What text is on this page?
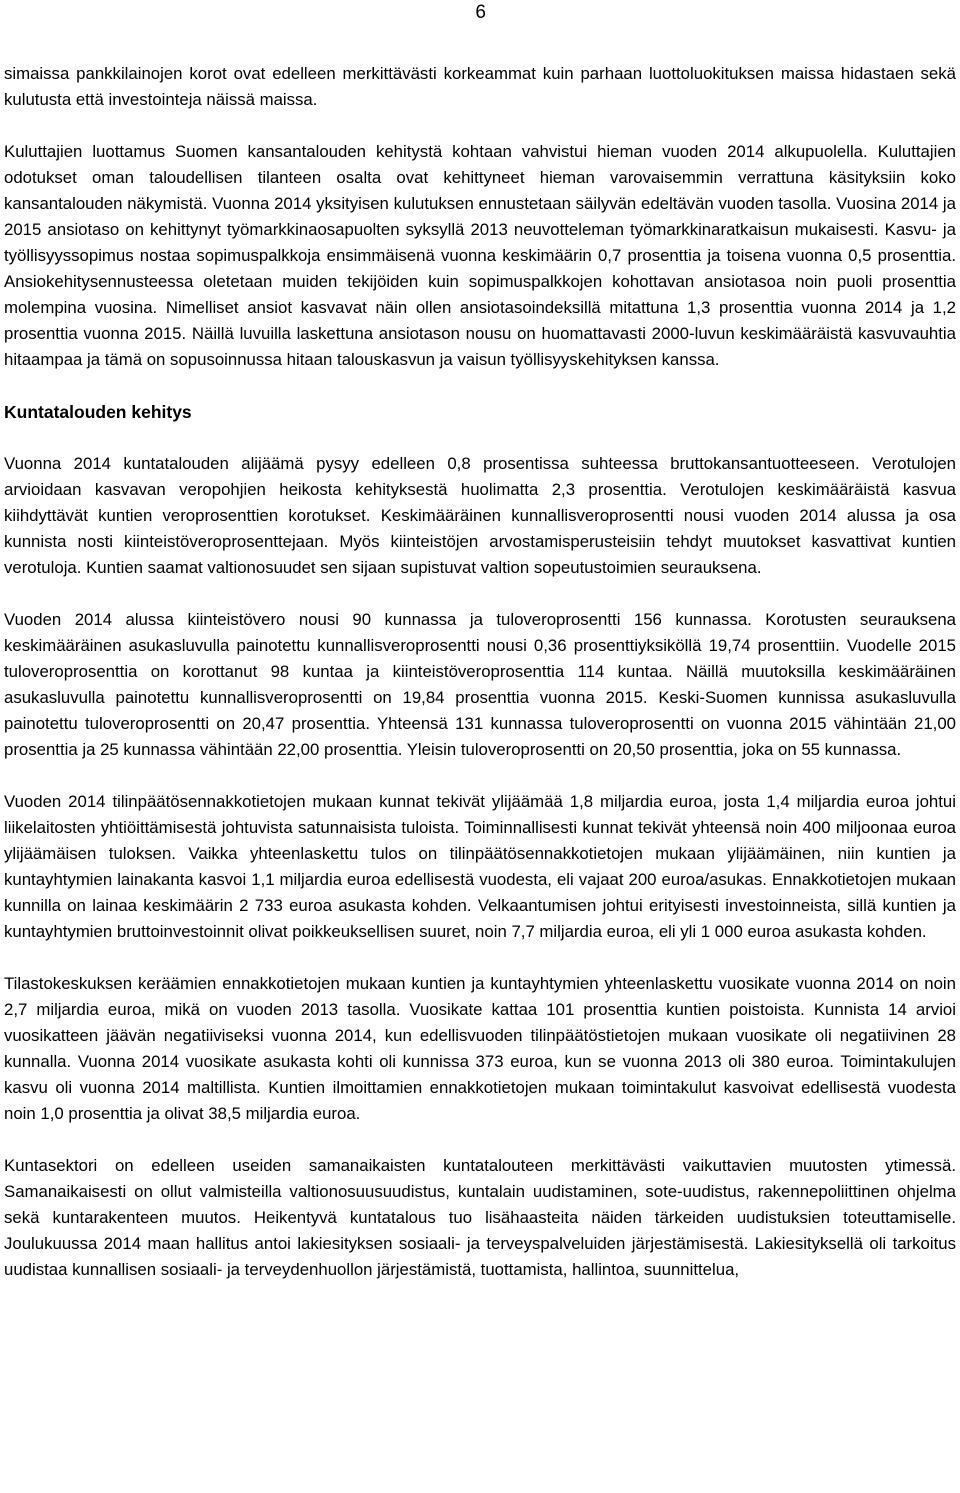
6

simaissa pankkilainojen korot ovat edelleen merkittävästi korkeammat kuin parhaan luottoluokituksen maissa hidastaen sekä kulutusta että investointeja näissä maissa.

Kuluttajien luottamus Suomen kansantalouden kehitystä kohtaan vahvistui hieman vuoden 2014 alkupuolella. Kuluttajien odotukset oman taloudellisen tilanteen osalta ovat kehittyneet hieman varovaisemmin verrattuna käsityksiin koko kansantalouden näkymistä. Vuonna 2014 yksityisen kulutuksen ennustetaan säilyvän edeltävän vuoden tasolla. Vuosina 2014 ja 2015 ansiotaso on kehittynyt työmarkkinaosapuolten syksyllä 2013 neuvotteleman työmarkkinaratkaisun mukaisesti. Kasvu- ja työllisyyssopimus nostaa sopimuspalkkoja ensimmäisenä vuonna keskimäärin 0,7 prosenttia ja toisena vuonna 0,5 prosenttia. Ansiokehitysennusteessa oletetaan muiden tekijöiden kuin sopimuspalkkojen kohottavan ansiotasoa noin puoli prosenttia molempina vuosina. Nimelliset ansiot kasvavat näin ollen ansiotasoindeksillä mitattuna 1,3 prosenttia vuonna 2014 ja 1,2 prosenttia vuonna 2015. Näillä luvuilla laskettuna ansiotason nousu on huomattavasti 2000-luvun keskimääräistä kasvuvauhtia hitaampaa ja tämä on sopusoinnussa hitaan talouskasvun ja vaisun työllisyyskehityksen kanssa.

Kuntatalouden kehitys

Vuonna 2014 kuntatalouden alijäämä pysyy edelleen 0,8 prosentissa suhteessa bruttokansantuotteeseen. Verotulojen arvioidaan kasvavan veropohjien heikosta kehityksestä huolimatta 2,3 prosenttia. Verotulojen keskimääräistä kasvua kiihdyttävät kuntien veroprosenttien korotukset. Keskimääräinen kunnallisveroprosentti nousi vuoden 2014 alussa ja osa kunnista nosti kiinteistöveroprosenttejaan. Myös kiinteistöjen arvostamisperusteisiin tehdyt muutokset kasvattivat kuntien verotuloja. Kuntien saamat valtionosuudet sen sijaan supistuvat valtion sopeutustoimien seurauksena.

Vuoden 2014 alussa kiinteistövero nousi 90 kunnassa ja tuloveroprosentti 156 kunnassa. Korotusten seurauksena keskimääräinen asukasluvulla painotettu kunnallisveroprosentti nousi 0,36 prosenttiyksiköllä 19,74 prosenttiin. Vuodelle 2015 tuloveroprosenttia on korottanut 98 kuntaa ja kiinteistöveroprosenttia 114 kuntaa. Näillä muutoksilla keskimääräinen asukasluvulla painotettu kunnallisveroprosentti on 19,84 prosenttia vuonna 2015. Keski-Suomen kunnissa asukasluvulla painotettu tuloveroprosentti on 20,47 prosenttia. Yhteensä 131 kunnassa tuloveroprosentti on vuonna 2015 vähintään 21,00 prosenttia ja 25 kunnassa vähintään 22,00 prosenttia. Yleisin tuloveroprosentti on 20,50 prosenttia, joka on 55 kunnassa.

Vuoden 2014 tilinpäätösennakkotietojen mukaan kunnat tekivät ylijäämää 1,8 miljardia euroa, josta 1,4 miljardia euroa johtui liikelaitosten yhtiöittämisestä johtuvista satunnaisista tuloista. Toiminnallisesti kunnat tekivät yhteensä noin 400 miljoonaa euroa ylijäämäisen tuloksen. Vaikka yhteenlaskettu tulos on tilinpäätösennakkotietojen mukaan ylijäämäinen, niin kuntien ja kuntayhtymien lainakanta kasvoi 1,1 miljardia euroa edellisestä vuodesta, eli vajaat 200 euroa/asukas. Ennakkotietojen mukaan kunnilla on lainaa keskimäärin 2 733 euroa asukasta kohden. Velkaantumisen johtui erityisesti investoinneista, sillä kuntien ja kuntayhtymien bruttoinvestoinnit olivat poikkeuksellisen suuret, noin 7,7 miljardia euroa, eli yli 1 000 euroa asukasta kohden.

Tilastokeskuksen keräämien ennakkotietojen mukaan kuntien ja kuntayhtymien yhteenlaskettu vuosikate vuonna 2014 on noin 2,7 miljardia euroa, mikä on vuoden 2013 tasolla. Vuosikate kattaa 101 prosenttia kuntien poistoista. Kunnista 14 arvioi vuosikatteen jäävän negatiiviseksi vuonna 2014, kun edellisvuoden tilinpäätöstietojen mukaan vuosikate oli negatiivinen 28 kunnalla. Vuonna 2014 vuosikate asukasta kohti oli kunnissa 373 euroa, kun se vuonna 2013 oli 380 euroa. Toimintakulujen kasvu oli vuonna 2014 maltillista. Kuntien ilmoittamien ennakkotietojen mukaan toimintakulut kasvoivat edellisestä vuodesta noin 1,0 prosenttia ja olivat 38,5 miljardia euroa.

Kuntasektori on edelleen useiden samanaikaisten kuntatalouteen merkittävästi vaikuttavien muutosten ytimessä. Samanaikaisesti on ollut valmisteilla valtionosuusuudistus, kuntalain uudistaminen, sote-uudistus, rakennepoliittinen ohjelma sekä kuntarakenteen muutos. Heikentyvä kuntatalous tuo lisähaasteita näiden tärkeiden uudistuksien toteuttamiselle. Joulukuussa 2014 maan hallitus antoi lakiesityksen sosiaali- ja terveyspalveluiden järjestämisestä. Lakiesityksellä oli tarkoitus uudistaa kunnallisen sosiaali- ja terveydenhuollon järjestämistä, tuottamista, hallintoa, suunnittelua,
